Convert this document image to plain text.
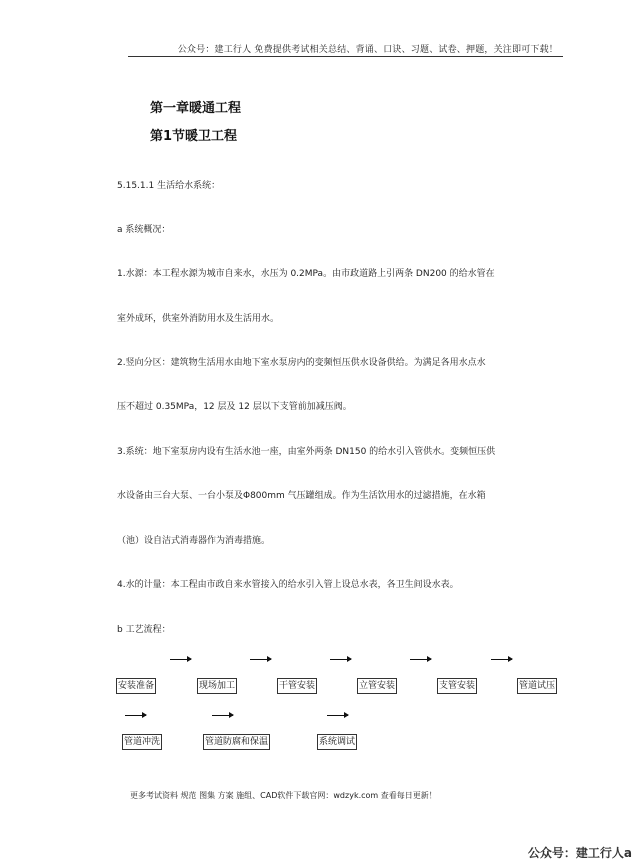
公众号：建工行人 免费提供考试相关总结、背诵、口诀、习题、试卷、押题，关注即可下载！
第一章暖通工程
第1节暖卫工程
5.15.1.1 生活给水系统：
a 系统概况：
1.水源：本工程水源为城市自来水，水压为 0.2MPa。由市政道路上引两条 DN200 的给水管在
室外成环，供室外消防用水及生活用水。
2.竖向分区：建筑物生活用水由地下室水泵房内的变频恒压供水设备供给。为满足各用水点水
压不超过 0.35MPa，12 层及 12 层以下支管前加减压阀。
3.系统：地下室泵房内设有生活水池一座，由室外两条 DN150 的给水引入管供水。变频恒压供
水设备由三台大泵、一台小泵及Φ800mm 气压罐组成。作为生活饮用水的过滤措施，在水箱
（池）设自洁式消毒器作为消毒措施。
4.水的计量：本工程由市政自来水管接入的给水引入管上设总水表，各卫生间设水表。
b 工艺流程：
安装准备	现场加工	干管安装	立管安装	支管安装	管道试压
管道冲洗	管道防腐和保温	系统调试
更多考试资料 规范 图集 方案 施组、CAD软件下载官网：wdzyk.com 查看每日更新！
公众号：建工行人a
